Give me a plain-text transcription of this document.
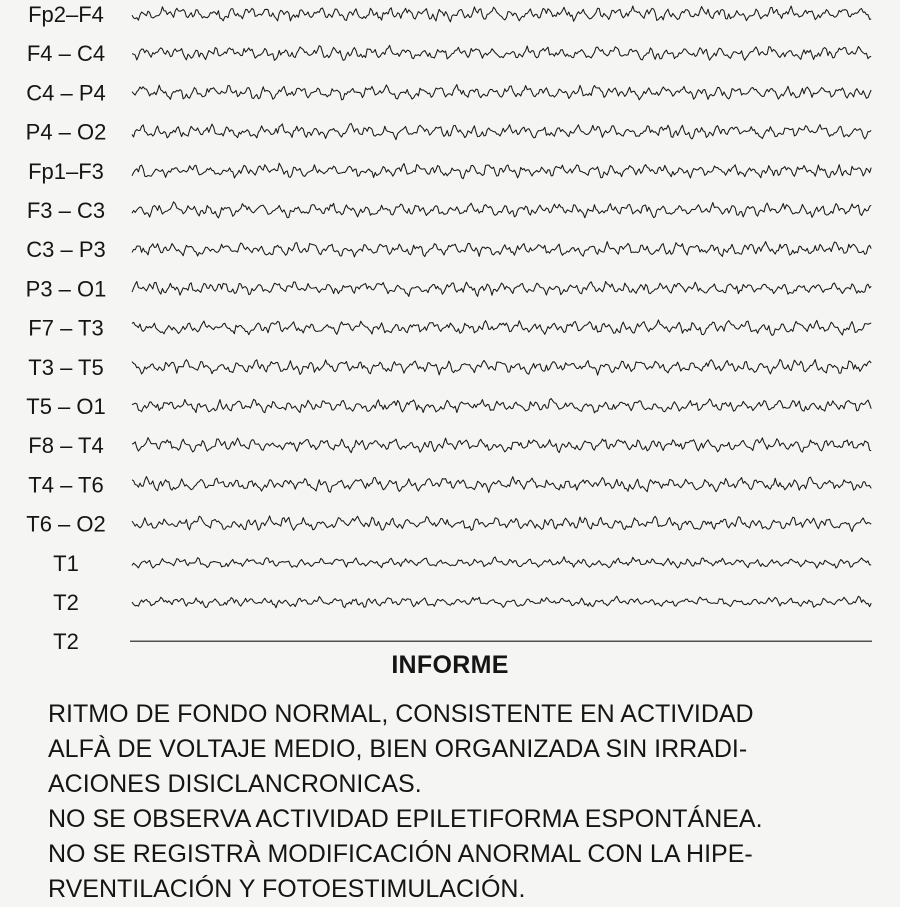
Fp2–F4
F4 – C4
C4 – P4
P4 – O2
Fp1–F3
F3 – C3
C3 – P3
P3 – O1
F7 – T3
T3 – T5
T5 – O1
F8 – T4
T4 – T6
T6 – O2
T1
T2
T2
INFORME
RITMO DE FONDO NORMAL, CONSISTENTE EN ACTIVIDAD
ALFÀ DE VOLTAJE MEDIO, BIEN ORGANIZADA SIN IRRADI-
ACIONES DISICLANCRONICAS.
NO SE OBSERVA ACTIVIDAD EPILETIFORMA ESPONTÁNEA.
NO SE REGISTRÀ MODIFICACIÓN ANORMAL CON LA HIPE-
RVENTILACIÓN Y FOTOESTIMULACIÓN.
